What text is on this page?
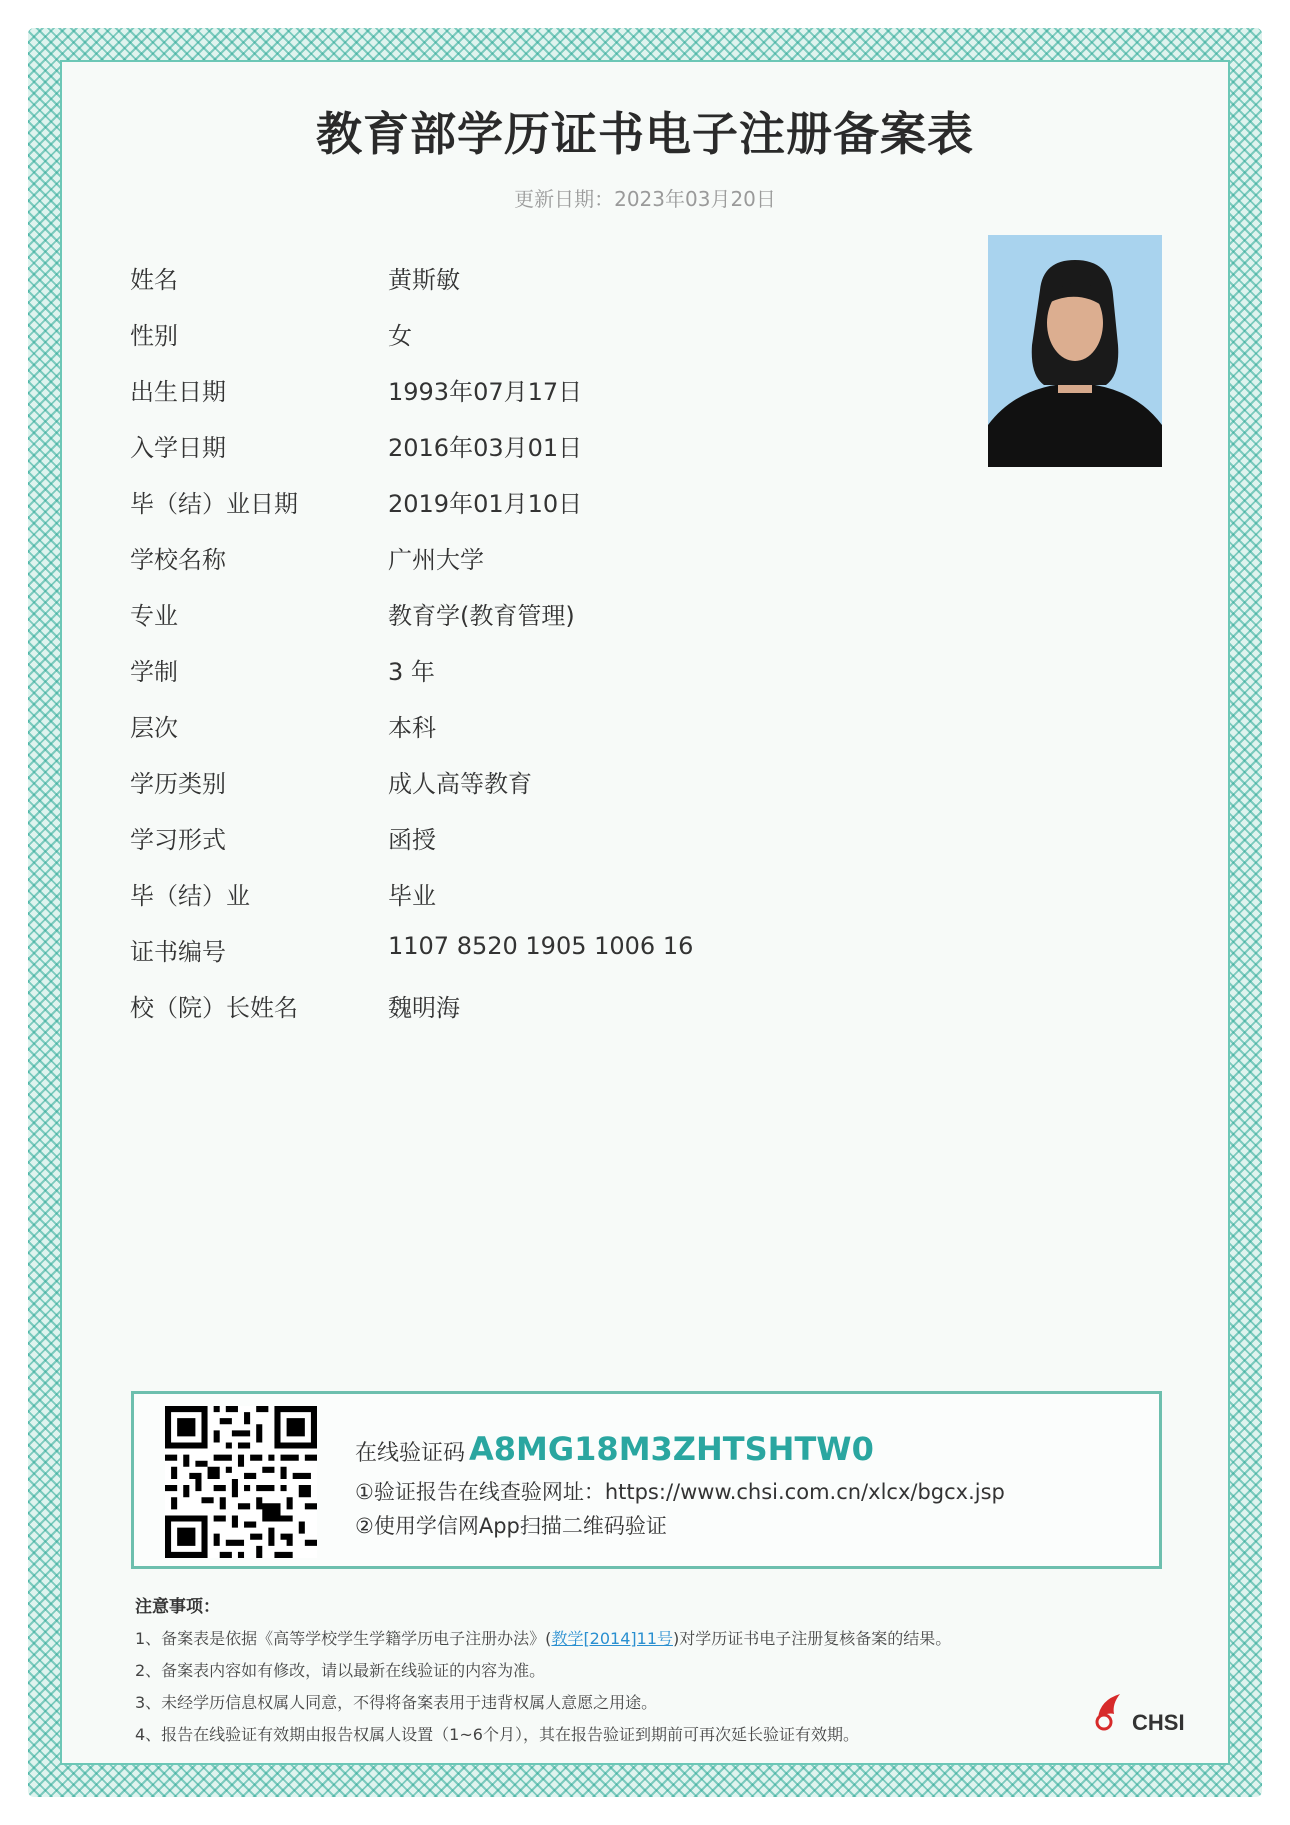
教育部学历证书电子注册备案表
更新日期：2023年03月20日
姓名	黄斯敏
性别	女
出生日期	1993年07月17日
入学日期	2016年03月01日
毕（结）业日期	2019年01月10日
学校名称	广州大学
专业	教育学(教育管理)
学制	3 年
层次	本科
学历类别	成人高等教育
学习形式	函授
毕（结）业	毕业
证书编号	1107 8520 1905 1006 16
校（院）长姓名	魏明海
在线验证码 A8MG18M3ZHTSHTW0
①验证报告在线查验网址：https://www.chsi.com.cn/xlcx/bgcx.jsp
②使用学信网App扫描二维码验证
注意事项：
1、备案表是依据《高等学校学生学籍学历电子注册办法》(教学[2014]11号)对学历证书电子注册复核备案的结果。
2、备案表内容如有修改，请以最新在线验证的内容为准。
3、未经学历信息权属人同意，不得将备案表用于违背权属人意愿之用途。
4、报告在线验证有效期由报告权属人设置（1~6个月），其在报告验证到期前可再次延长验证有效期。	CHSI
